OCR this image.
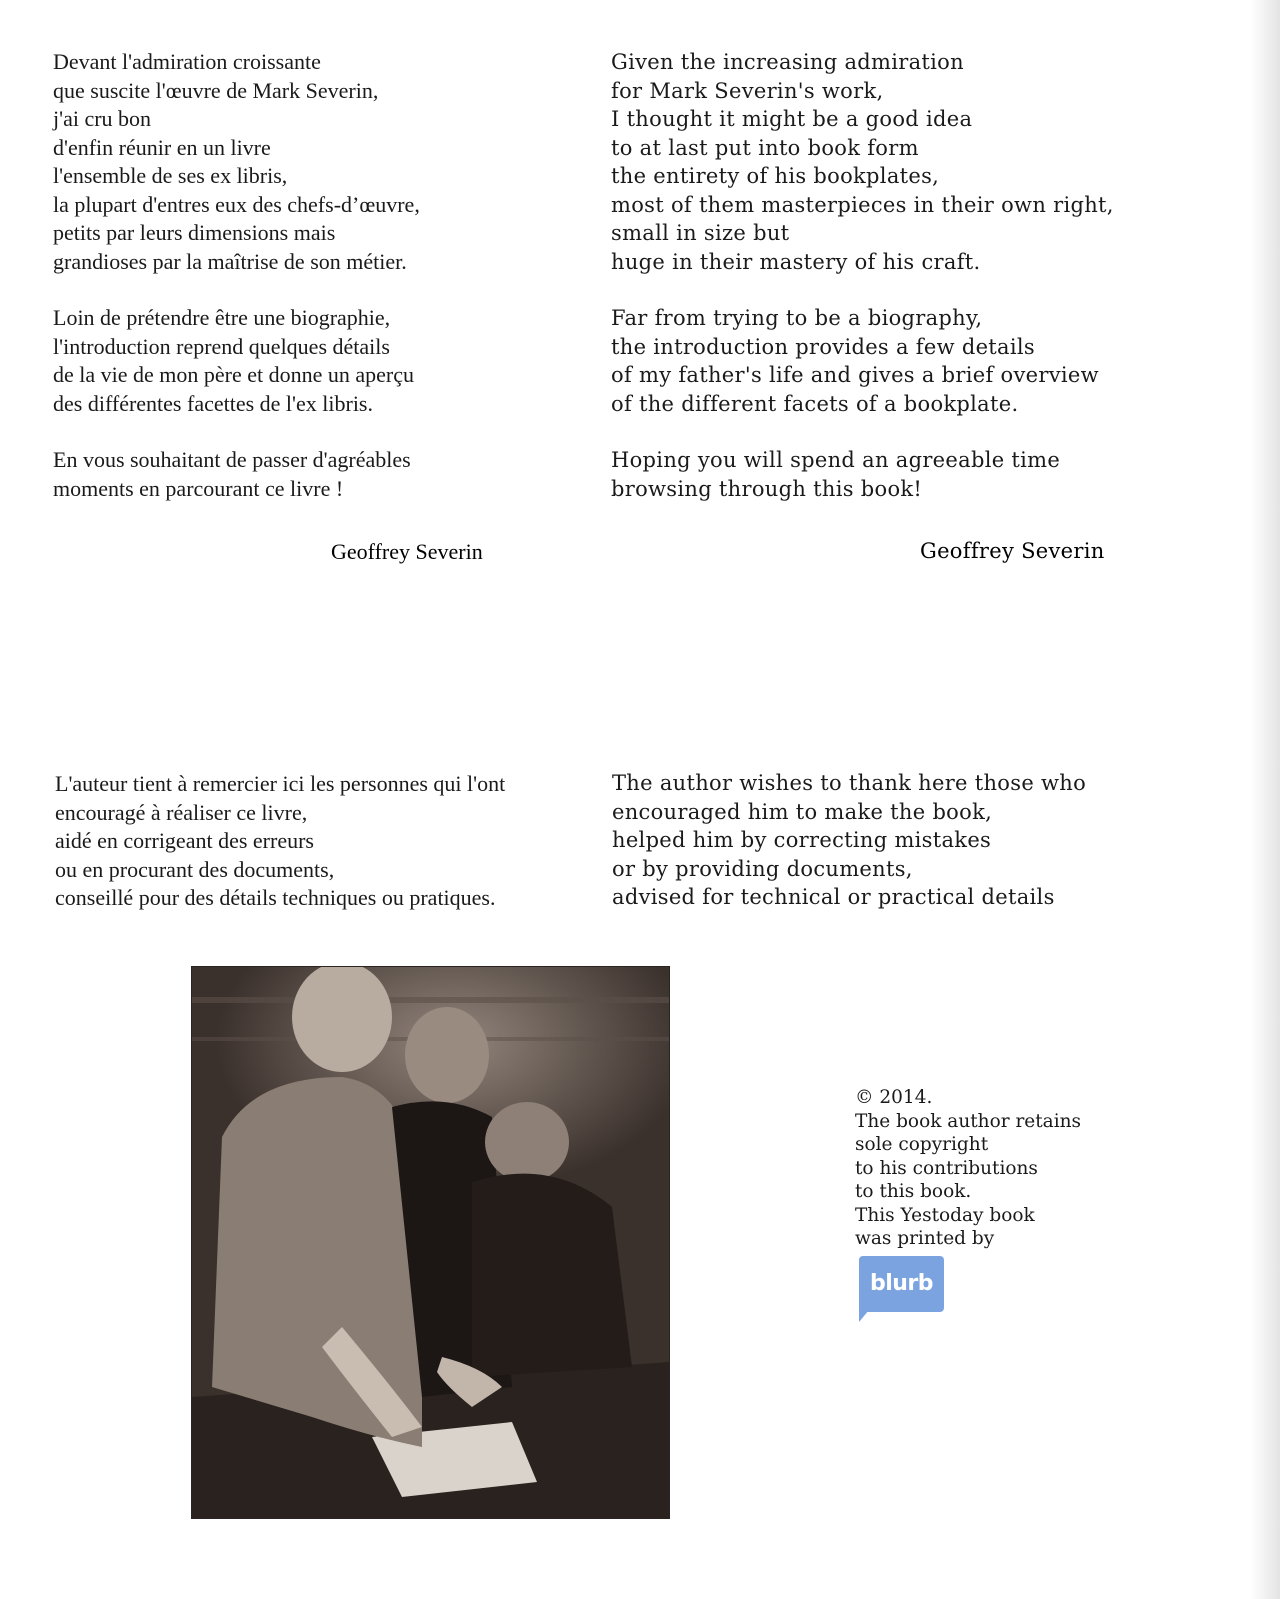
Devant l'admiration croissante
que suscite l'œuvre de Mark Severin,
j'ai cru bon
d'enfin réunir en un livre
l'ensemble de ses ex libris,
la plupart d'entres eux des chefs-d’œuvre,
petits par leurs dimensions mais
grandioses par la maîtrise de son métier.
Loin de prétendre être une biographie,
l'introduction reprend quelques détails
de la vie de mon père et donne un aperçu
des différentes facettes de l'ex libris.
En vous souhaitant de passer d'agréables
moments en parcourant ce livre !
Geoffrey Severin
Given the increasing admiration
for Mark Severin's work,
I thought it might be a good idea
to at last put into book form
the entirety of his bookplates,
most of them masterpieces in their own right,
small in size but
huge in their mastery of his craft.
Far from trying to be a biography,
the introduction provides a few details
of my father's life and gives a brief overview
of the different facets of a bookplate.
Hoping you will spend an agreeable time
browsing through this book!
Geoffrey Severin
L'auteur tient à remercier ici les personnes qui l'ont
encouragé à réaliser ce livre,
aidé en corrigeant des erreurs
ou en procurant des documents,
conseillé pour des détails techniques ou pratiques.
The author wishes to thank here those who
encouraged him to make the book,
helped him by correcting mistakes
or by providing documents,
advised for technical or practical details
© 2014.
The book author retains
sole copyright
to his contributions
to this book.
This Yestoday book
was printed by
blurb
